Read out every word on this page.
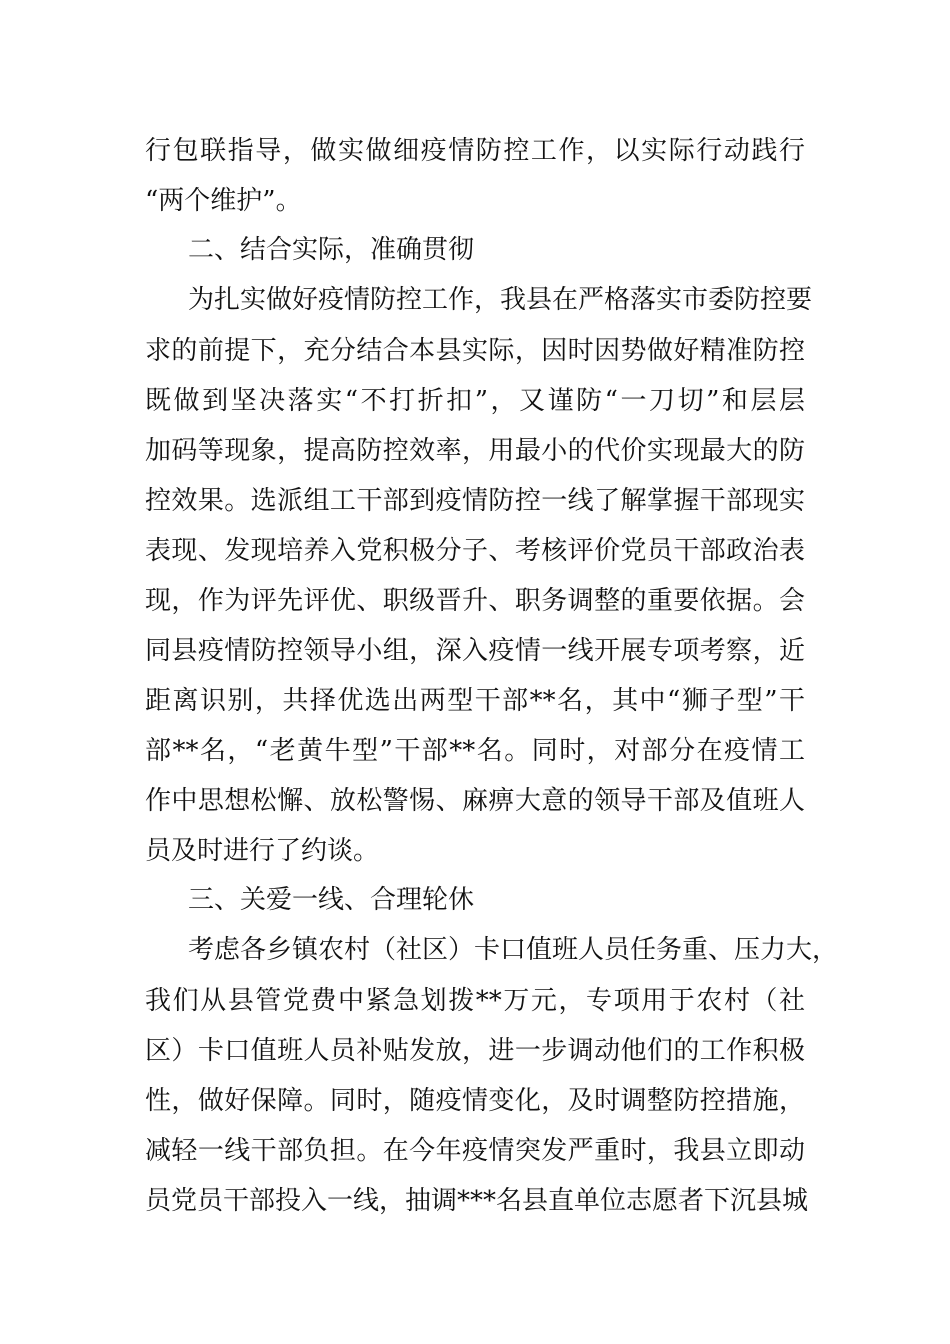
行包联指导，做实做细疫情防控工作，以实际行动践行
“两个维护”。
二、结合实际，准确贯彻
为扎实做好疫情防控工作，我县在严格落实市委防控要
求的前提下，充分结合本县实际，因时因势做好精准防控
既做到坚决落实“不打折扣”，又谨防“一刀切”和层层
加码等现象，提高防控效率，用最小的代价实现最大的防
控效果。选派组工干部到疫情防控一线了解掌握干部现实
表现、发现培养入党积极分子、考核评价党员干部政治表
现，作为评先评优、职级晋升、职务调整的重要依据。会
同县疫情防控领导小组，深入疫情一线开展专项考察，近
距离识别，共择优选出两型干部**名，其中“狮子型”干
部**名，“老黄牛型”干部**名。同时，对部分在疫情工
作中思想松懈、放松警惕、麻痹大意的领导干部及值班人
员及时进行了约谈。
三、关爱一线、合理轮休
考虑各乡镇农村（社区）卡口值班人员任务重、压力大，
我们从县管党费中紧急划拨**万元，专项用于农村（社
区）卡口值班人员补贴发放，进一步调动他们的工作积极
性，做好保障。同时，随疫情变化，及时调整防控措施，
减轻一线干部负担。在今年疫情突发严重时，我县立即动
员党员干部投入一线，抽调***名县直单位志愿者下沉县城
